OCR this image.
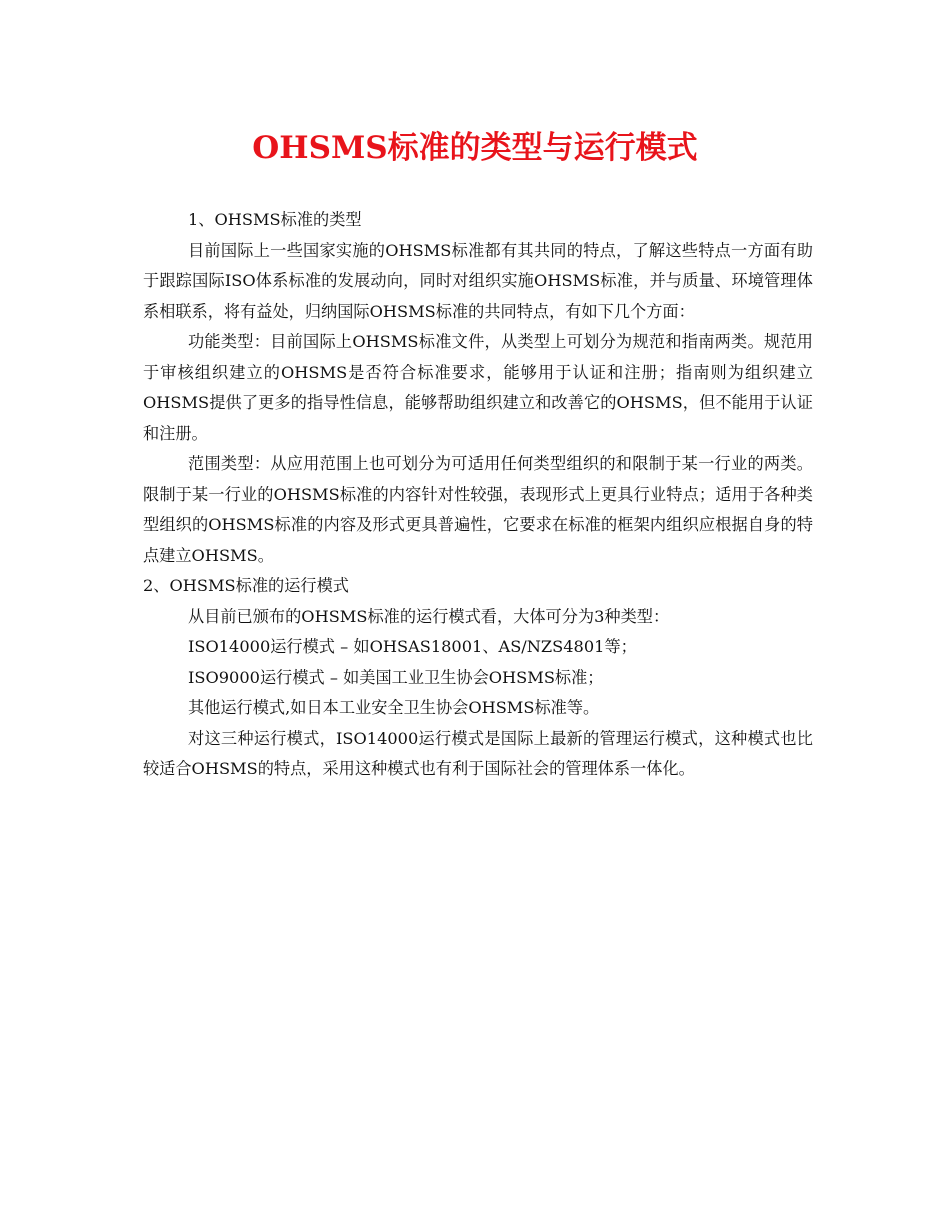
OHSMS标准的类型与运行模式

1、OHSMS标准的类型

目前国际上一些国家实施的OHSMS标准都有其共同的特点，了解这些特点一方面有助于跟踪国际ISO体系标准的发展动向，同时对组织实施OHSMS标准，并与质量、环境管理体系相联系，将有益处，归纳国际OHSMS标准的共同特点，有如下几个方面：

功能类型：目前国际上OHSMS标准文件，从类型上可划分为规范和指南两类。规范用于审核组织建立的OHSMS是否符合标准要求，能够用于认证和注册；指南则为组织建立OHSMS提供了更多的指导性信息，能够帮助组织建立和改善它的OHSMS，但不能用于认证和注册。

范围类型：从应用范围上也可划分为可适用任何类型组织的和限制于某一行业的两类。限制于某一行业的OHSMS标准的内容针对性较强，表现形式上更具行业特点；适用于各种类型组织的OHSMS标准的内容及形式更具普遍性，它要求在标准的框架内组织应根据自身的特点建立OHSMS。

2、OHSMS标准的运行模式

从目前已颁布的OHSMS标准的运行模式看，大体可分为3种类型：

ISO14000运行模式 – 如OHSAS18001、AS/NZS4801等；

ISO9000运行模式 – 如美国工业卫生协会OHSMS标准；

其他运行模式,如日本工业安全卫生协会OHSMS标准等。

对这三种运行模式，ISO14000运行模式是国际上最新的管理运行模式，这种模式也比较适合OHSMS的特点，采用这种模式也有利于国际社会的管理体系一体化。
